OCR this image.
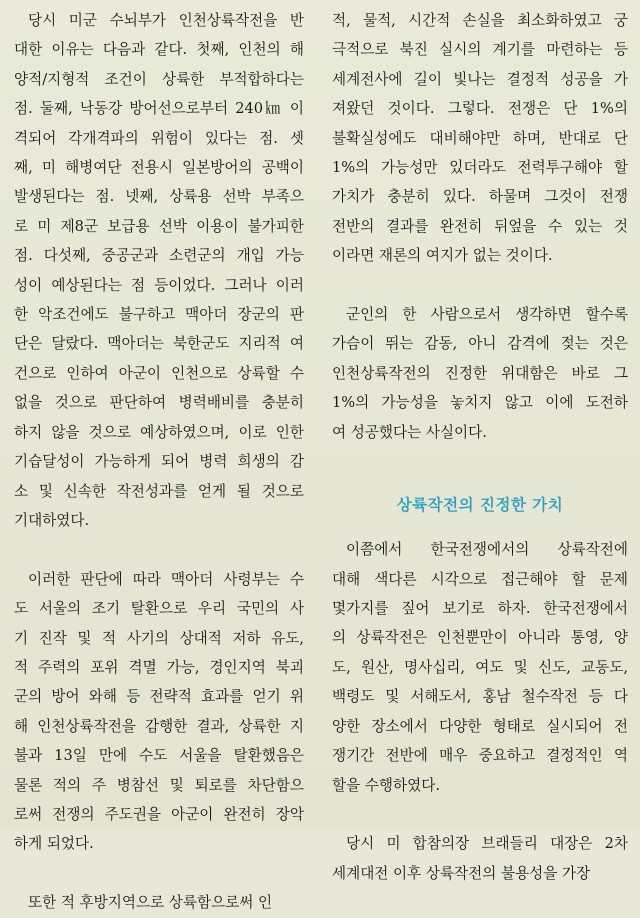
당시 미군 수뇌부가 인천상륙작전을 반
대한 이유는 다음과 같다. 첫째, 인천의 해
양적/지형적 조건이 상륙한 부적합하다는
점. 둘째, 낙동강 방어선으로부터 240㎞ 이
격되어 각개격파의 위험이 있다는 점. 셋
째, 미 해병여단 전용시 일본방어의 공백이
발생된다는 점. 넷째, 상륙용 선박 부족으
로 미 제8군 보급용 선박 이용이 불가피한
점. 다섯째, 중공군과 소련군의 개입 가능
성이 예상된다는 점 등이었다. 그러나 이러
한 악조건에도 불구하고 맥아더 장군의 판
단은 달랐다. 맥아더는 북한군도 지리적 여
건으로 인하여 아군이 인천으로 상륙할 수
없을 것으로 판단하여 병력배비를 충분히
하지 않을 것으로 예상하였으며, 이로 인한
기습달성이 가능하게 되어 병력 희생의 감
소 및 신속한 작전성과를 얻게 될 것으로
기대하였다.

이러한 판단에 따라 맥아더 사령부는 수
도 서울의 조기 탈환으로 우리 국민의 사
기 진작 및 적 사기의 상대적 저하 유도,
적 주력의 포위 격멸 가능, 경인지역 북괴
군의 방어 와해 등 전략적 효과를 얻기 위
해 인천상륙작전을 감행한 결과, 상륙한 지
불과 13일 만에 수도 서울을 탈환했음은
물론 적의 주 병참선 및 퇴로를 차단함으
로써 전쟁의 주도권을 아군이 완전히 장악
하게 되었다.

또한 적 후방지역으로 상륙함으로써 인

적, 물적, 시간적 손실을 최소화하였고 궁
극적으로 북진 실시의 계기를 마련하는 등
세계전사에 길이 빛나는 결정적 성공을 가
져왔던 것이다. 그렇다. 전쟁은 단 1%의
불확실성에도 대비해야만 하며, 반대로 단
1%의 가능성만 있더라도 전력투구해야 할
가치가 충분히 있다. 하물며 그것이 전쟁
전반의 결과를 완전히 뒤엎을 수 있는 것
이라면 재론의 여지가 없는 것이다.

군인의 한 사람으로서 생각하면 할수록
가슴이 뛰는 감동, 아니 감격에 젖는 것은
인천상륙작전의 진정한 위대함은 바로 그
1%의 가능성을 놓치지 않고 이에 도전하
여 성공했다는 사실이다.

상륙작전의 진정한 가치

이쯤에서 한국전쟁에서의 상륙작전에
대해 색다른 시각으로 접근해야 할 문제
몇가지를 짚어 보기로 하자. 한국전쟁에서
의 상륙작전은 인천뿐만이 아니라 통영, 양
도, 원산, 명사십리, 여도 및 신도, 교동도,
백령도 및 서해도서, 홍남 철수작전 등 다
양한 장소에서 다양한 형태로 실시되어 전
쟁기간 전반에 매우 중요하고 결정적인 역
할을 수행하였다.

당시 미 합참의장 브래들리 대장은 2차
세계대전 이후 상륙작전의 불용성을 가장
